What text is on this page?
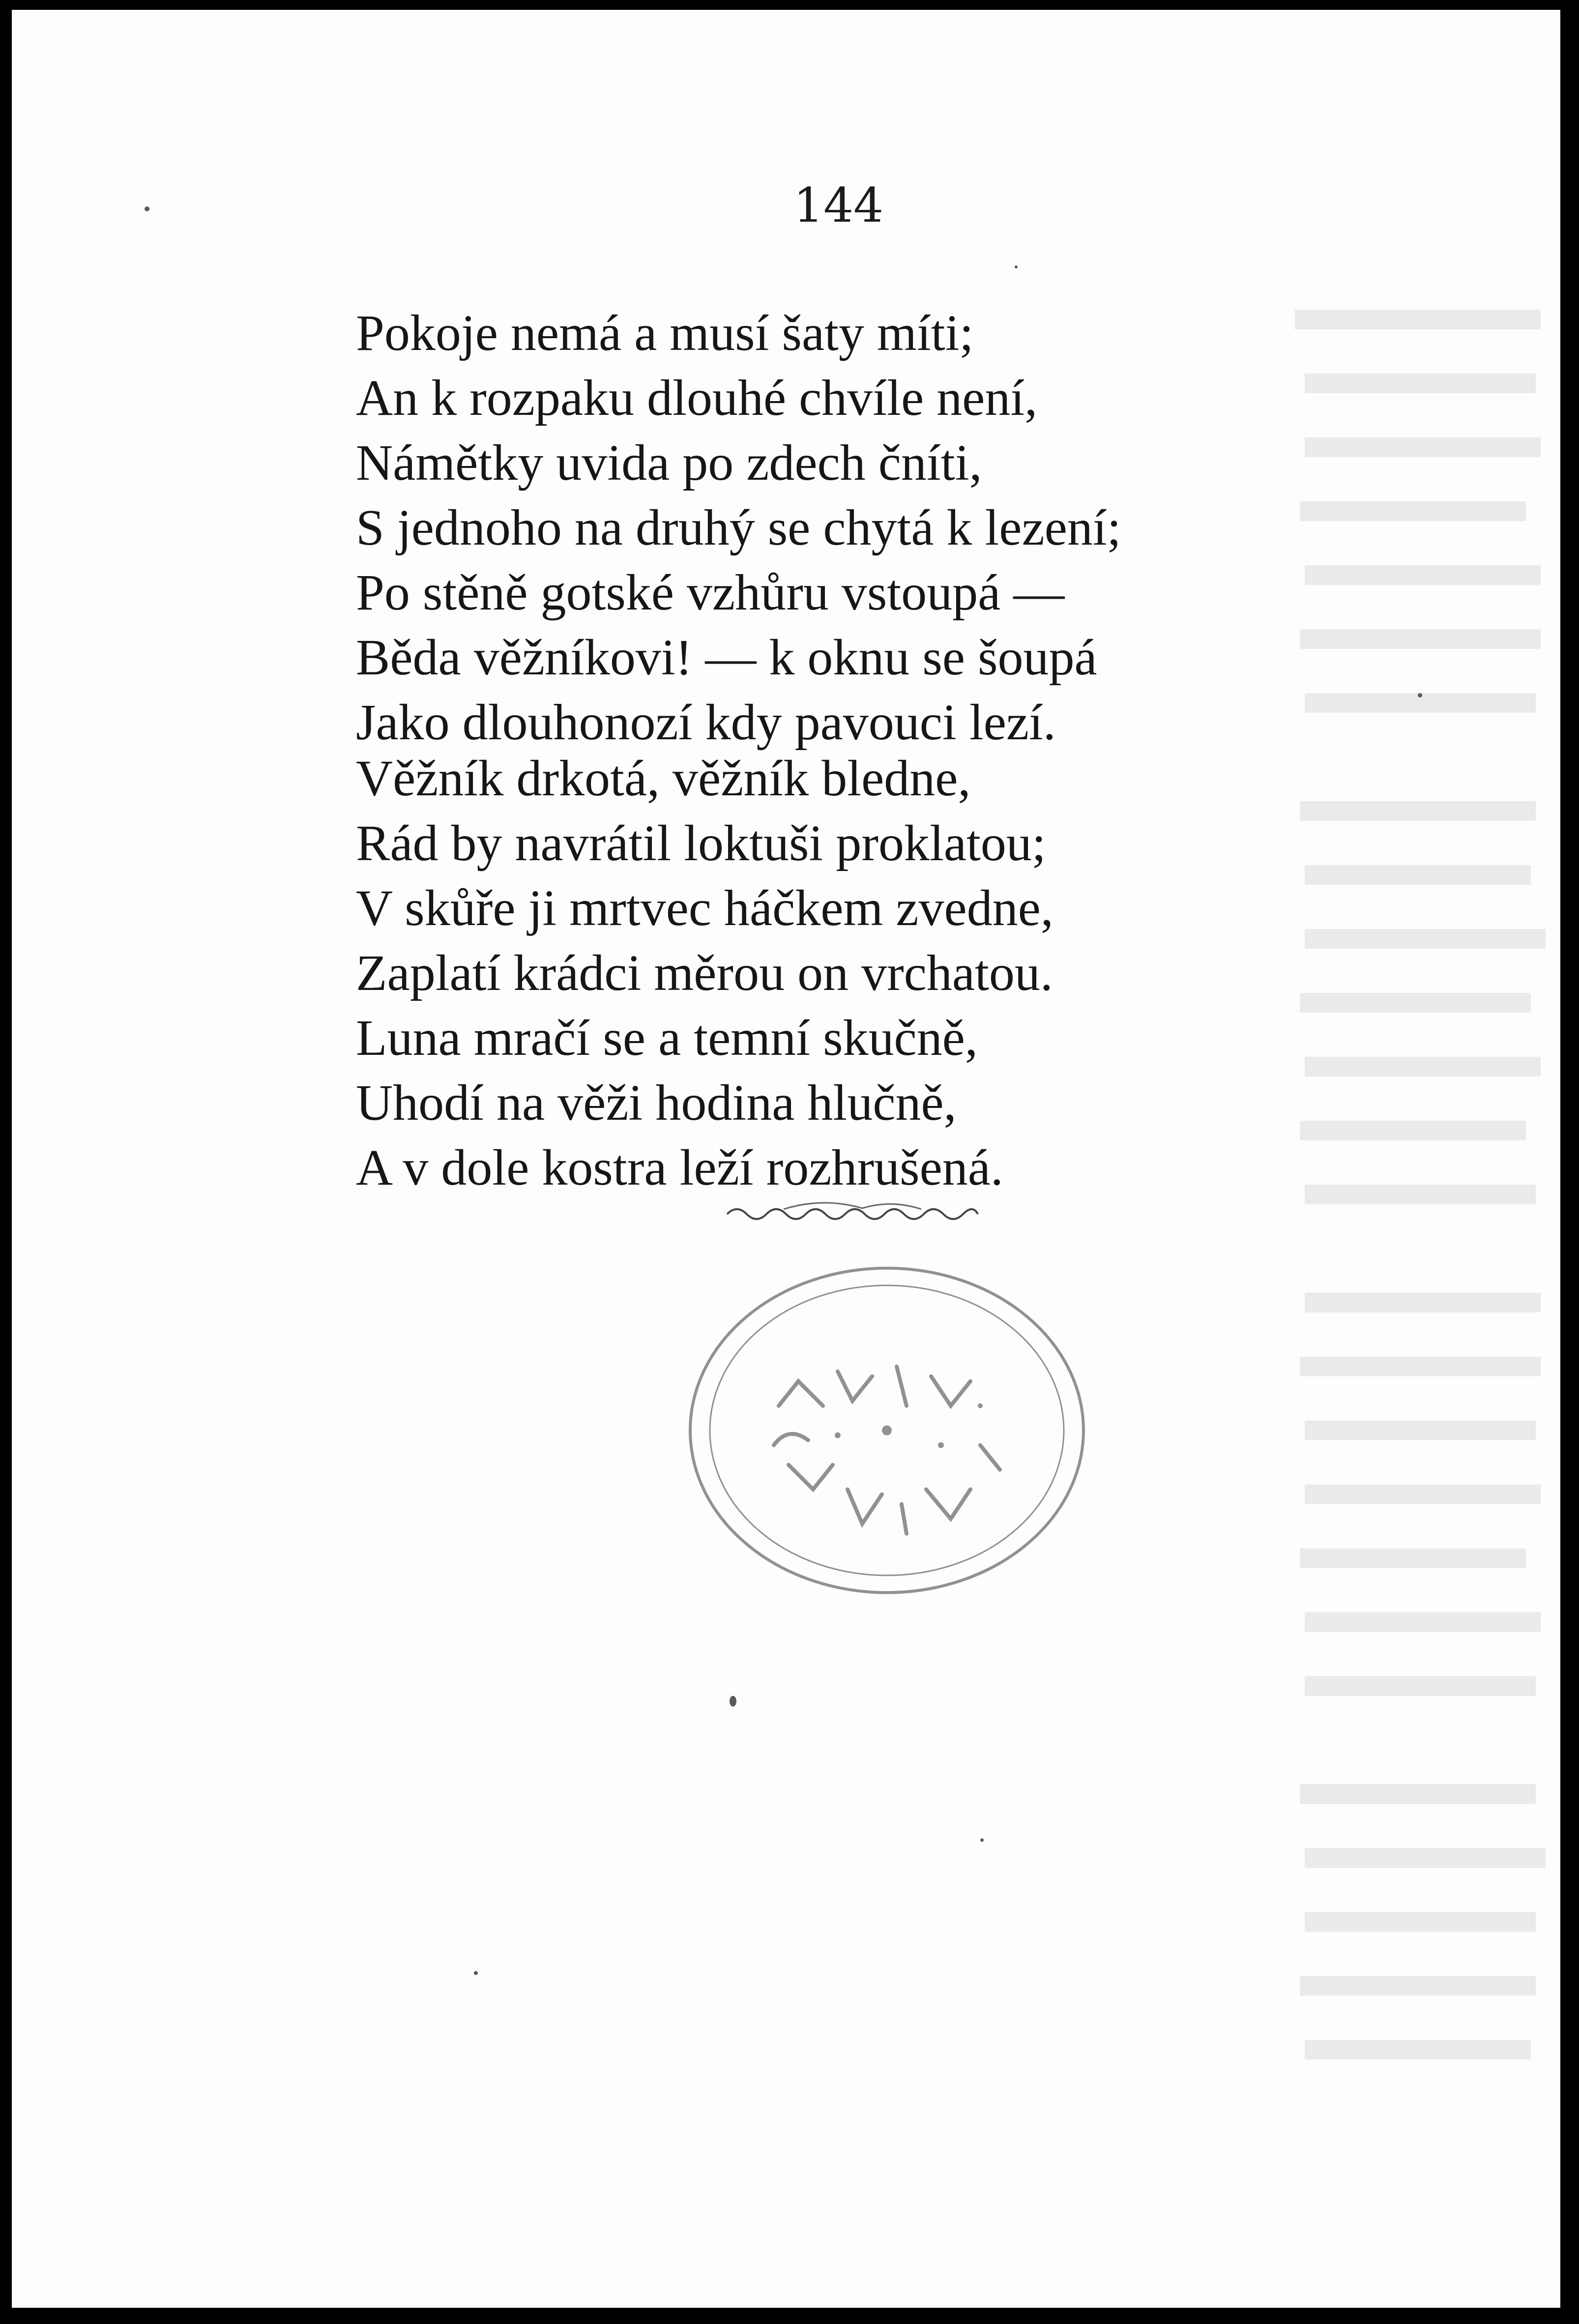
144

Pokoje nemá a musí šaty míti;
An k rozpaku dlouhé chvíle není,
Námětky uvida po zdech čníti,
S jednoho na druhý se chytá k lezení;
Po stěně gotské vzhůru vstoupá —
Běda věžníkovi! — k oknu se šoupá
Jako dlouhonozí kdy pavouci lezí.
Věžník drkotá, věžník bledne,
Rád by navrátil loktuši proklatou;
V skůře ji mrtvec háčkem zvedne,
Zaplatí krádci měrou on vrchatou.
Luna mračí se a temní skučně,
Uhodí na věži hodina hlučně,
A v dole kostra leží rozhrušená.
